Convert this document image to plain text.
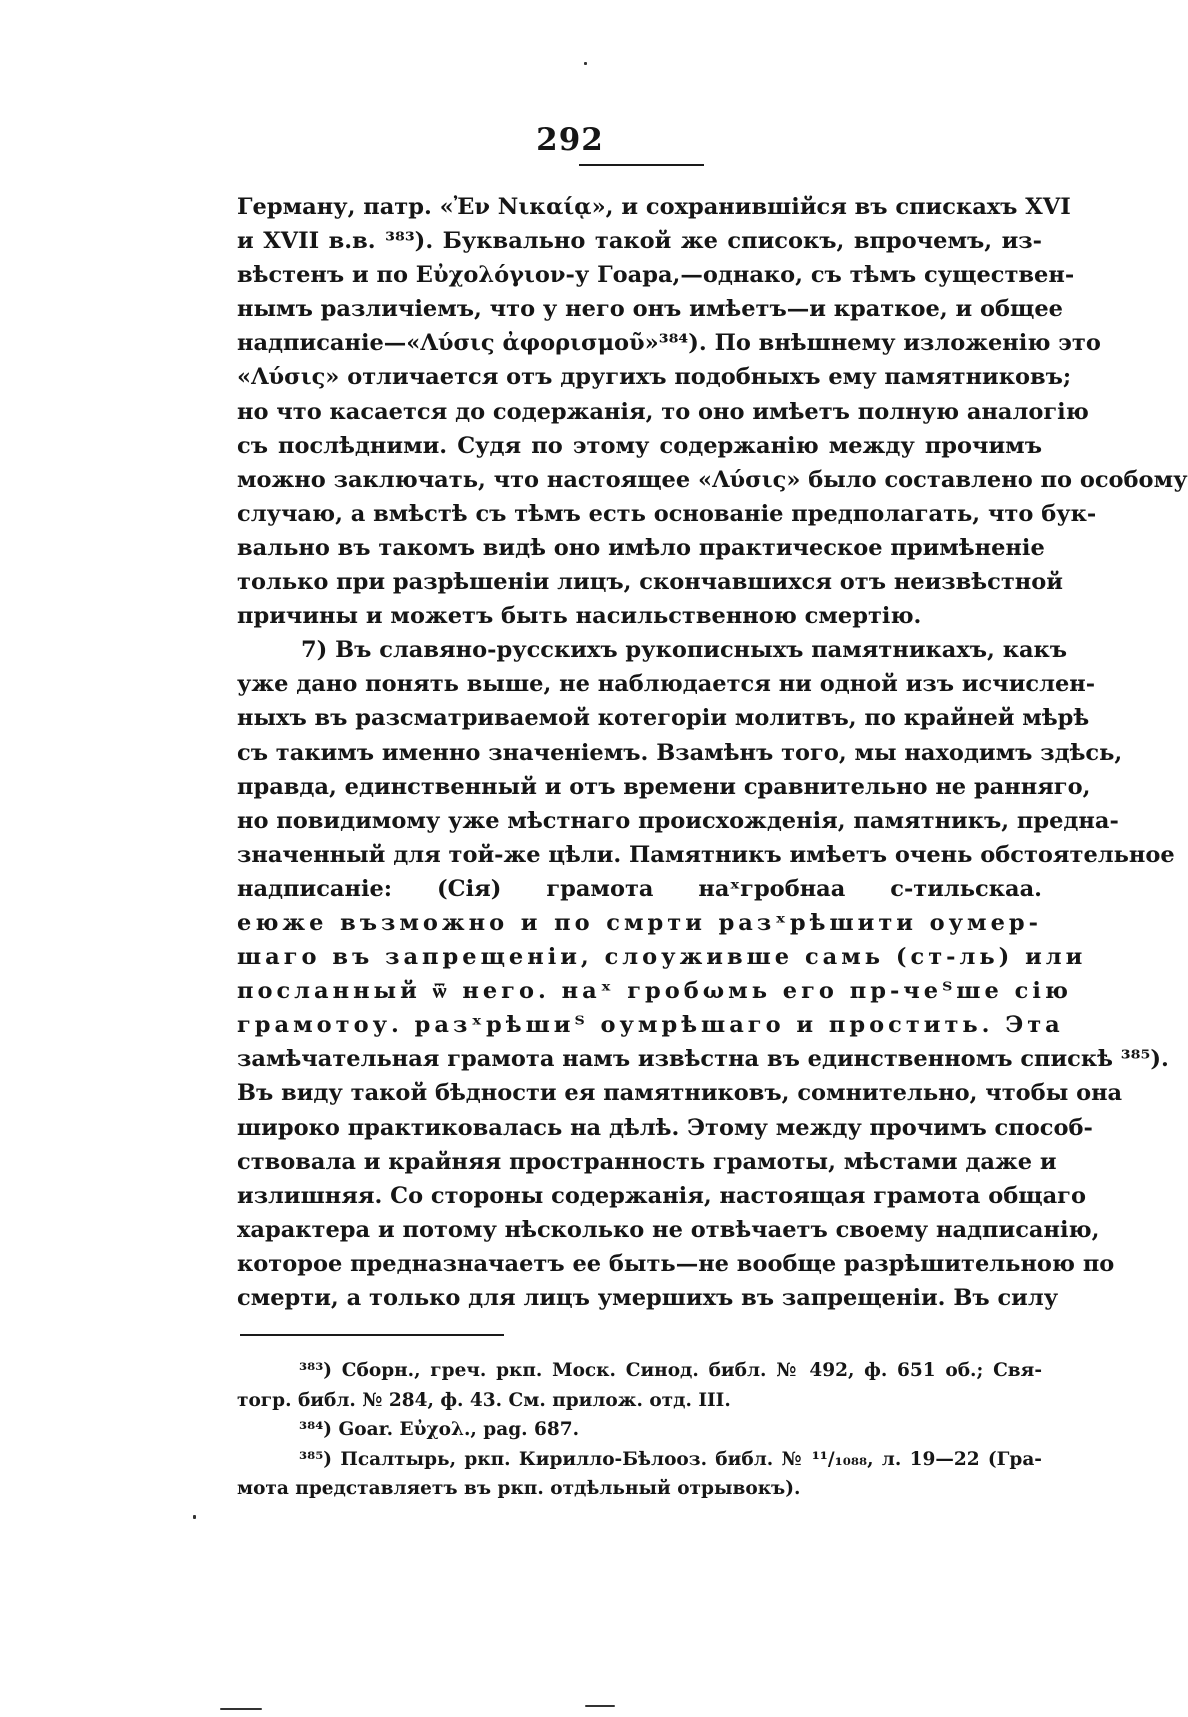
292
Герману, патр. «Ἐν Νικαίᾳ», и сохранившійся въ спискахъ XVI
и XVII в.в. ³⁸³). Буквально такой же списокъ, впрочемъ, из-
вѣстенъ и по Εὐχολόγιον-у Гоара,—однако, съ тѣмъ существен-
нымъ различіемъ, что у него онъ имѣетъ—и краткое, и общее
надписаніе—«Λύσις ἀφορισμοῦ»³⁸⁴). По внѣшнему изложенію это
«Λύσις» отличается отъ другихъ подобныхъ ему памятниковъ;
но что касается до содержанія, то оно имѣетъ полную аналогію
съ послѣдними. Судя по этому содержанію между прочимъ
можно заключать, что настоящее «Λύσις» было составлено по особому
случаю, а вмѣстѣ съ тѣмъ есть основаніе предполагать, что бук-
вально въ такомъ видѣ оно имѣло практическое примѣненіе
только при разрѣшеніи лицъ, скончавшихся отъ неизвѣстной
причины и можетъ быть насильственною смертію.
7) Въ славяно-русскихъ рукописныхъ памятникахъ, какъ
уже дано понять выше, не наблюдается ни одной изъ исчислен-
ныхъ въ разсматриваемой котегоріи молитвъ, по крайней мѣрѣ
съ такимъ именно значеніемъ. Взамѣнъ того, мы находимъ здѣсь,
правда, единственный и отъ времени сравнительно не ранняго,
но повидимому уже мѣстнаго происхожденія, памятникъ, предна-
значенный для той-же цѣли. Памятникъ имѣетъ очень обстоятельное
надписаніе: (Сія) грамота наˣгробнаа с-тильскаа.
еюже възможно и по смрти разˣрѣшити оумер-
шаго въ запрещеніи, слоуживше самь (ст-ль) или
посланный ѿ него. наˣ гробωмь его пр-чеᵀше сію
грамотоу. разˣрѣшиᵀ оумрѣшаго и простить. Эта
замѣчательная грамота намъ извѣстна въ единственномъ спискѣ ³⁸⁵).
Въ виду такой бѣдности ея памятниковъ, сомнительно, чтобы она
широко практиковалась на дѣлѣ. Этому между прочимъ способ-
ствовала и крайняя пространность грамоты, мѣстами даже и
излишняя. Со стороны содержанія, настоящая грамота общаго
характера и потому нѣсколько не отвѣчаетъ своему надписанію,
которое предназначаетъ ее быть—не вообще разрѣшительною по
смерти, а только для лицъ умершихъ въ запрещеніи. Въ силу
³⁸³) Сборн., греч. ркп. Моск. Синод. библ. № 492, ф. 651 об.; Свя-
тогр. библ. № 284, ф. 43. См. прилож. отд. III.
³⁸⁴) Goar. Εὐχολ., pag. 687.
³⁸⁵) Псалтырь, ркп. Кирилло-Бѣлооз. библ. № ¹¹/₁₀₈₈, л. 19—22 (Гра-
мота представляетъ въ ркп. отдѣльный отрывокъ).
